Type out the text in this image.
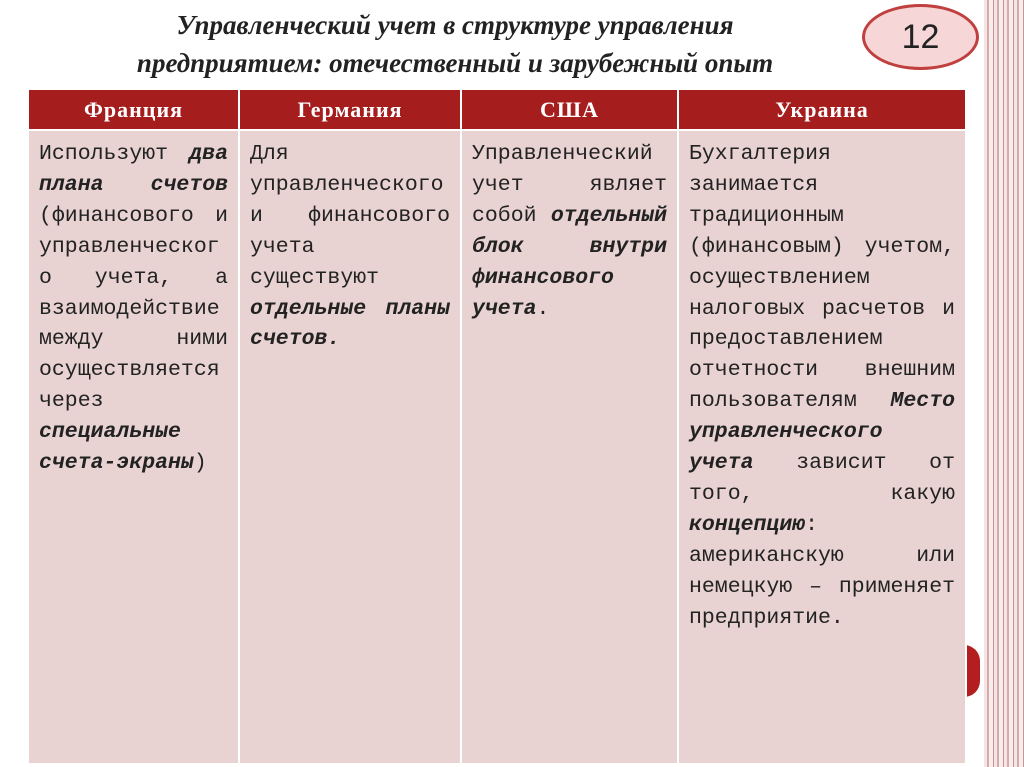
Управленческий учет в структуре управления
предприятием: отечественный и зарубежный опыт
12
Франция	Германия	США	Украина
Используют два плана счетов (финансового и управленческого учета, а взаимодействие между ними осуществляется через специальные счета-экраны)	Для управленческого и финансового учета существуют отдельные планы счетов.	Управленческий учет являет собой отдельный блок внутри финансового учета.	Бухгалтерия занимается традиционным (финансовым) учетом, осуществлением налоговых расчетов и предоставлением отчетности внешним пользователям Место управленческого учета зависит от того, какую концепцию: американскую или немецкую – применяет предприятие.
